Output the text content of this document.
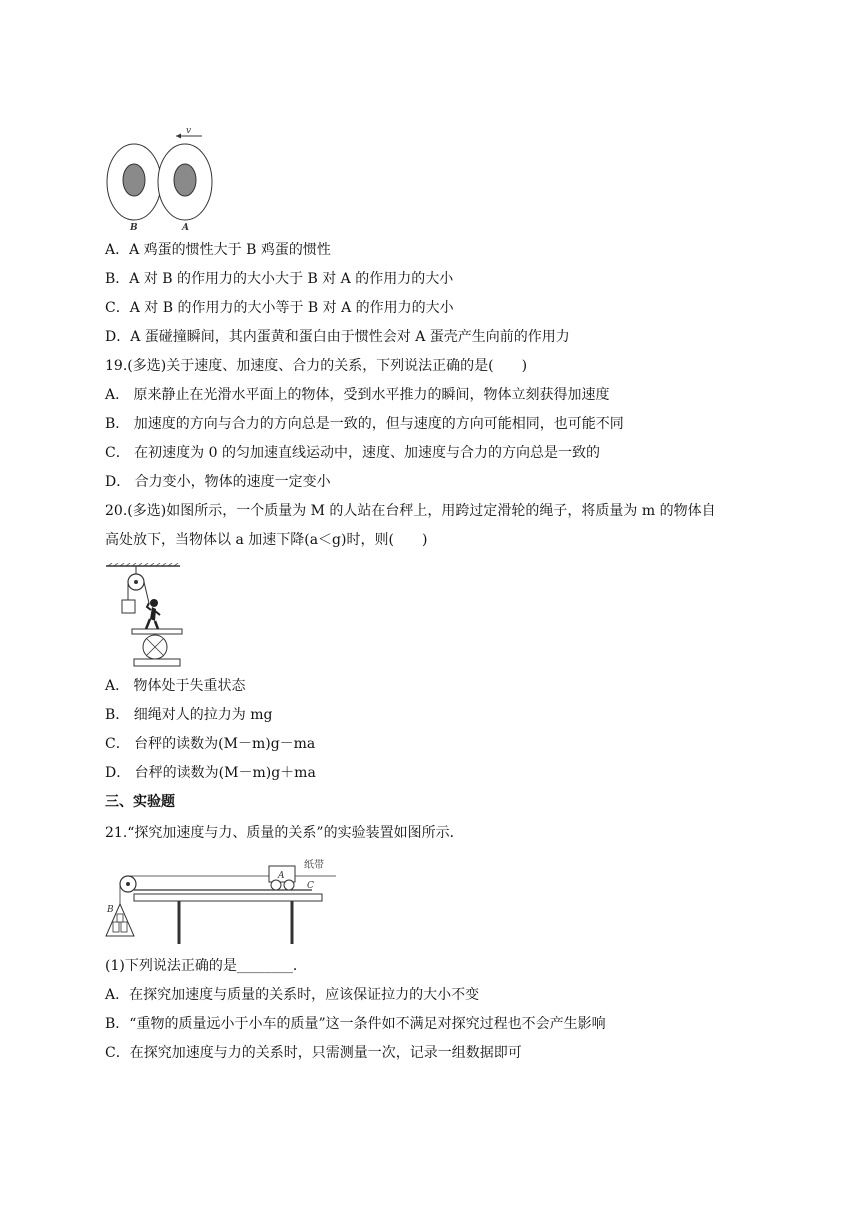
v
B	A
A．A 鸡蛋的惯性大于 B 鸡蛋的惯性
B．A 对 B 的作用力的大小大于 B 对 A 的作用力的大小
C．A 对 B 的作用力的大小等于 B 对 A 的作用力的大小
D．A 蛋碰撞瞬间，其内蛋黄和蛋白由于惯性会对 A 蛋壳产生向前的作用力
19.(多选)关于速度、加速度、合力的关系，下列说法正确的是(　　)
A． 原来静止在光滑水平面上的物体，受到水平推力的瞬间，物体立刻获得加速度
B． 加速度的方向与合力的方向总是一致的，但与速度的方向可能相同，也可能不同
C． 在初速度为 0 的匀加速直线运动中，速度、加速度与合力的方向总是一致的
D． 合力变小，物体的速度一定变小
20.(多选)如图所示，一个质量为 M 的人站在台秤上，用跨过定滑轮的绳子，将质量为 m 的物体自
高处放下，当物体以 a 加速下降(a＜g)时，则(　　)
A． 物体处于失重状态
B． 细绳对人的拉力为 mg
C． 台秤的读数为(M－m)g－ma
D． 台秤的读数为(M－m)g＋ma
三、实验题
21.“探究加速度与力、质量的关系”的实验装置如图所示．
A
纸带
C
B
(1)下列说法正确的是________．
A．在探究加速度与质量的关系时，应该保证拉力的大小不变
B．“重物的质量远小于小车的质量”这一条件如不满足对探究过程也不会产生影响
C．在探究加速度与力的关系时，只需测量一次，记录一组数据即可
